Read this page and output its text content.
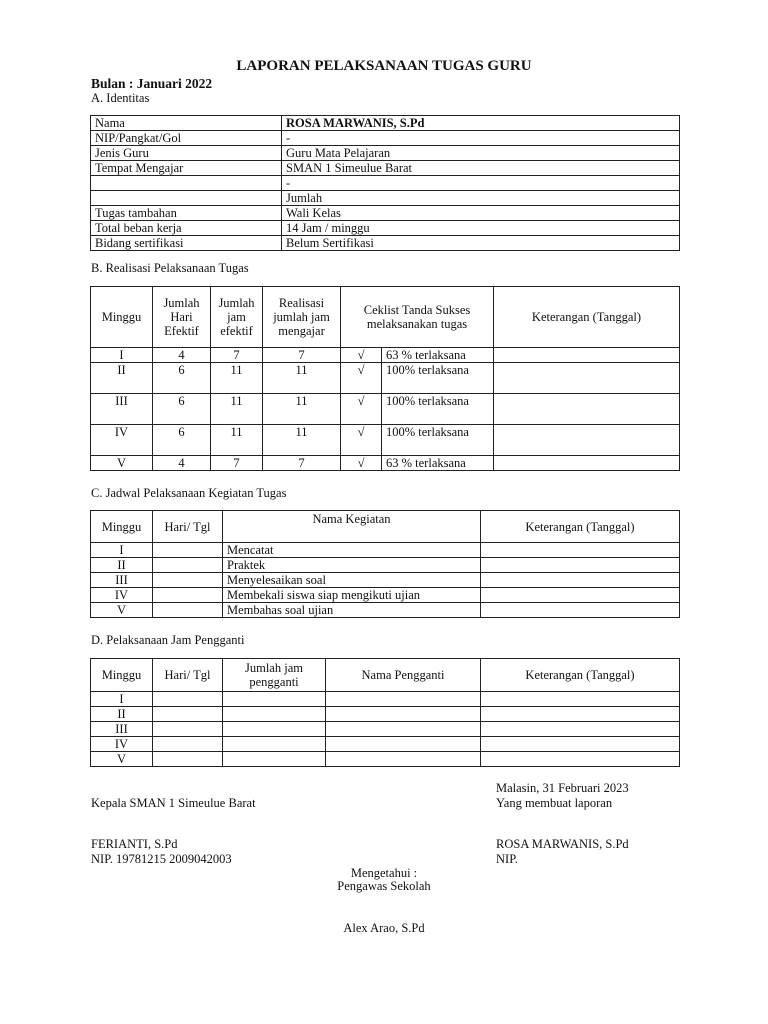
LAPORAN PELAKSANAAN TUGAS GURU
Bulan : Januari 2022
A. Identitas
Nama	ROSA MARWANIS, S.Pd
NIP/Pangkat/Gol	-
Jenis Guru	Guru Mata Pelajaran
Tempat Mengajar	SMAN 1 Simeulue Barat
	-
	Jumlah
Tugas tambahan	Wali Kelas
Total beban kerja	14 Jam / minggu
Bidang sertifikasi	Belum Sertifikasi
B. Realisasi Pelaksanaan Tugas
Minggu	Jumlah Hari Efektif	Jumlah jam efektif	Realisasi jumlah jam mengajar	Ceklist Tanda Sukses melaksanakan tugas		Keterangan (Tanggal)
I	4	7	7	√	63 % terlaksana	
II	6	11	11	√	100% terlaksana	
III	6	11	11	√	100% terlaksana	
IV	6	11	11	√	100% terlaksana	
V	4	7	7	√	63 % terlaksana	
C. Jadwal Pelaksanaan Kegiatan Tugas
Minggu	Hari/ Tgl	Nama Kegiatan	Keterangan (Tanggal)
I		Mencatat	
II		Praktek	
III		Menyelesaikan soal	
IV		Membekali siswa siap mengikuti ujian	
V		Membahas soal ujian	
D. Pelaksanaan Jam Pengganti
Minggu	Hari/ Tgl	Jumlah jam pengganti	Nama Pengganti	Keterangan (Tanggal)
I				
II				
III				
IV				
V				
Malasin, 31 Februari 2023
Yang membuat laporan
Kepala SMAN 1 Simeulue Barat
FERIANTI, S.Pd
NIP. 19781215 2009042003
ROSA MARWANIS, S.Pd
NIP.
Mengetahui :
Pengawas Sekolah
Alex Arao, S.Pd
